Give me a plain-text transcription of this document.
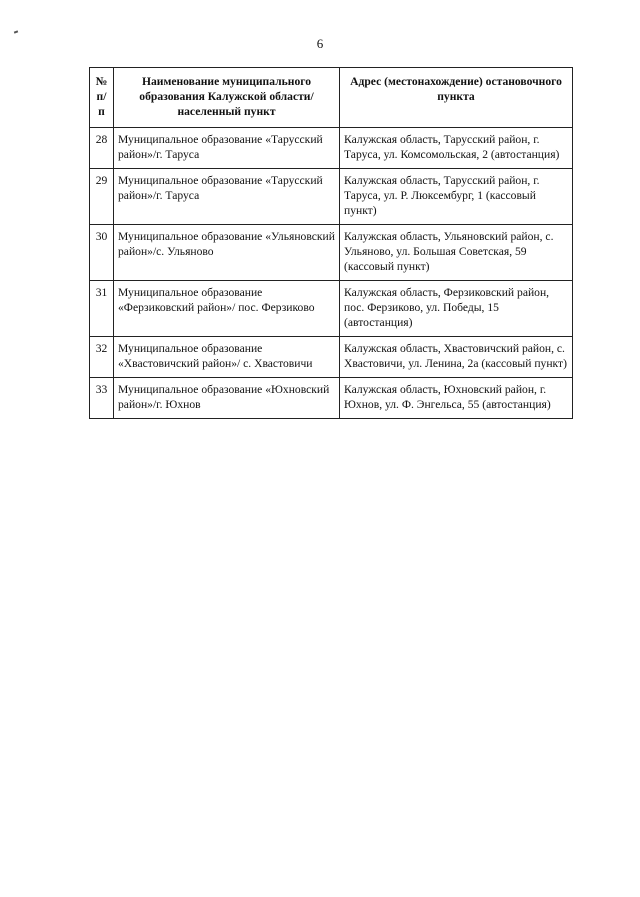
6
№ п/п	Наименование муниципального образования Калужской области/населенный пункт	Адрес (местонахождение) остановочного пункта
28	Муниципальное образование «Тарусский район»/г. Таруса	Калужская область, Тарусский район, г. Таруса, ул. Комсомольская, 2 (автостанция)
29	Муниципальное образование «Тарусский район»/г. Таруса	Калужская область, Тарусский район, г. Таруса, ул. Р. Люксембург, 1 (кассовый пункт)
30	Муниципальное образование «Ульяновский район»/с. Ульяново	Калужская область, Ульяновский район, с. Ульяново, ул. Большая Советская, 59 (кассовый пункт)
31	Муниципальное образование «Ферзиковский район»/ пос. Ферзиково	Калужская область, Ферзиковский район, пос. Ферзиково, ул. Победы, 15 (автостанция)
32	Муниципальное образование «Хвастовичский район»/ с. Хвастовичи	Калужская область, Хвастовичский район, с. Хвастовичи, ул. Ленина, 2а (кассовый пункт)
33	Муниципальное образование «Юхновский район»/г. Юхнов	Калужская область, Юхновский район, г. Юхнов, ул. Ф. Энгельса, 55 (автостанция)
